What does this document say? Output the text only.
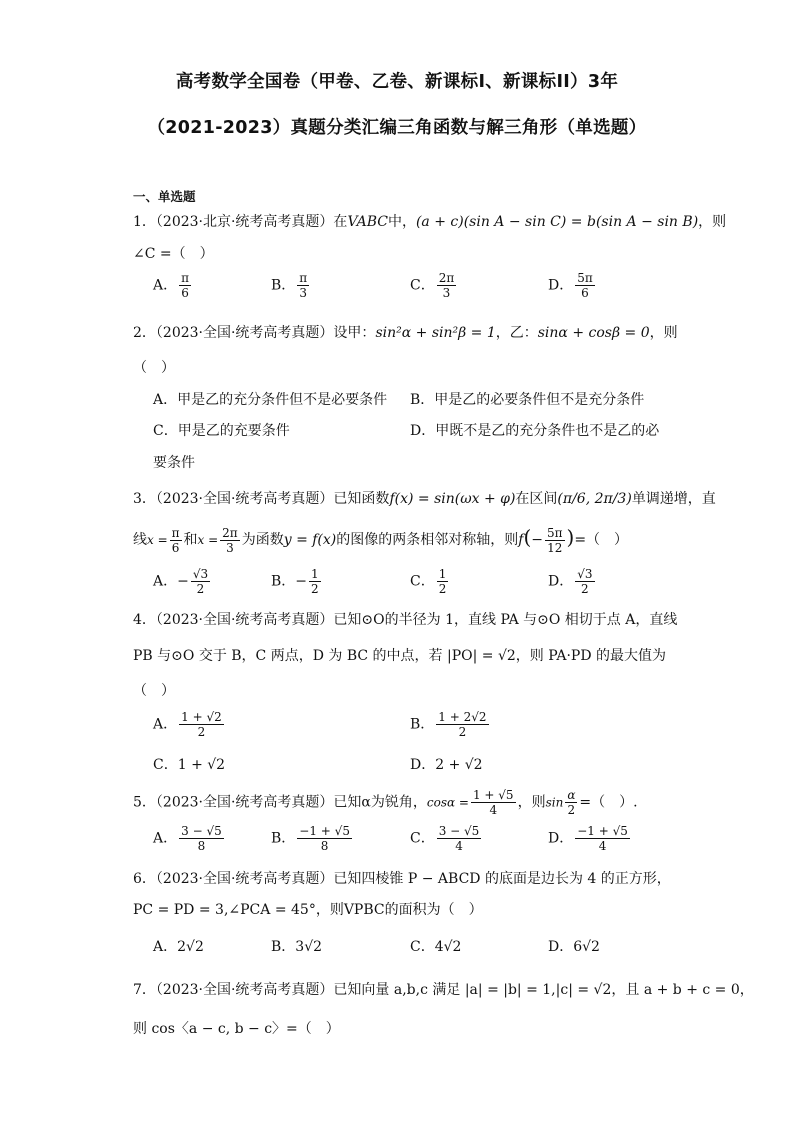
高考数学全国卷（甲卷、乙卷、新课标I、新课标II）3年
（2021-2023）真题分类汇编三角函数与解三角形（单选题）
一、单选题
1．（2023·北京·统考高考真题）在VABC中，(a + c)(sin A − sin C) = b(sin A − sin B)，则
∠C =（　）
A． $\frac{\pi}{6}$	B． $\frac{\pi}{3}$	C． $\frac{2\pi}{3}$	D． $\frac{5\pi}{6}$
2．（2023·全国·统考高考真题）设甲：sin²α + sin²β = 1，乙：sinα + cosβ = 0，则
（　）
A．甲是乙的充分条件但不是必要条件 B．甲是乙的必要条件但不是充分条件
C．甲是乙的充要条件	D．甲既不是乙的充分条件也不是乙的必
要条件
3．（2023·全国·统考高考真题）已知函数f(x) = sin(ωx + φ)在区间(π/6, 2π/3)单调递增，直
线$x = \frac{\pi}{6}$ 和$x = \frac{2\pi}{3}$ 为函数y = f(x)的图像的两条相邻对称轴，则$f(- \frac{5\pi}{12}$ )=（　）
A．− $\frac{√3}{2}$	B．− $\frac{1}{2}$	C． $\frac{1}{2}$	D． $\frac{√3}{2}$
4．（2023·全国·统考高考真题）已知⊙O的半径为 1，直线 PA 与⊙O 相切于点 A，直线
PB 与⊙O 交于 B，C 两点，D 为 BC 的中点，若 |PO| = √2，则 PA·PD 的最大值为
（　）
A． $\frac{1 + √2}{2}$	B． $\frac{1 + 2√2}{2}$
C．1 + √2	D．2 + √2
5．（2023·全国·统考高考真题）已知α为锐角，$\cos\alpha = \frac{1 + √5}{4}$ ，则$\sin \frac{\alpha}{2}$ =（　）.
A． $\frac{3 - √5}{8}$	B． $\frac{-1 + √5}{8}$	C． $\frac{3 - √5}{4}$	D． $\frac{-1 + √5}{4}$
6．（2023·全国·统考高考真题）已知四棱锥 P − ABCD 的底面是边长为 4 的正方形，
PC = PD = 3,∠PCA = 45°，则VPBC的面积为（　）
A．2√2	B．3√2	C．4√2	D．6√2
7．（2023·全国·统考高考真题）已知向量 a,b,c 满足 |a| = |b| = 1,|c| = √2，且 a + b + c = 0，
则 cos〈a − c, b − c〉=（　）
